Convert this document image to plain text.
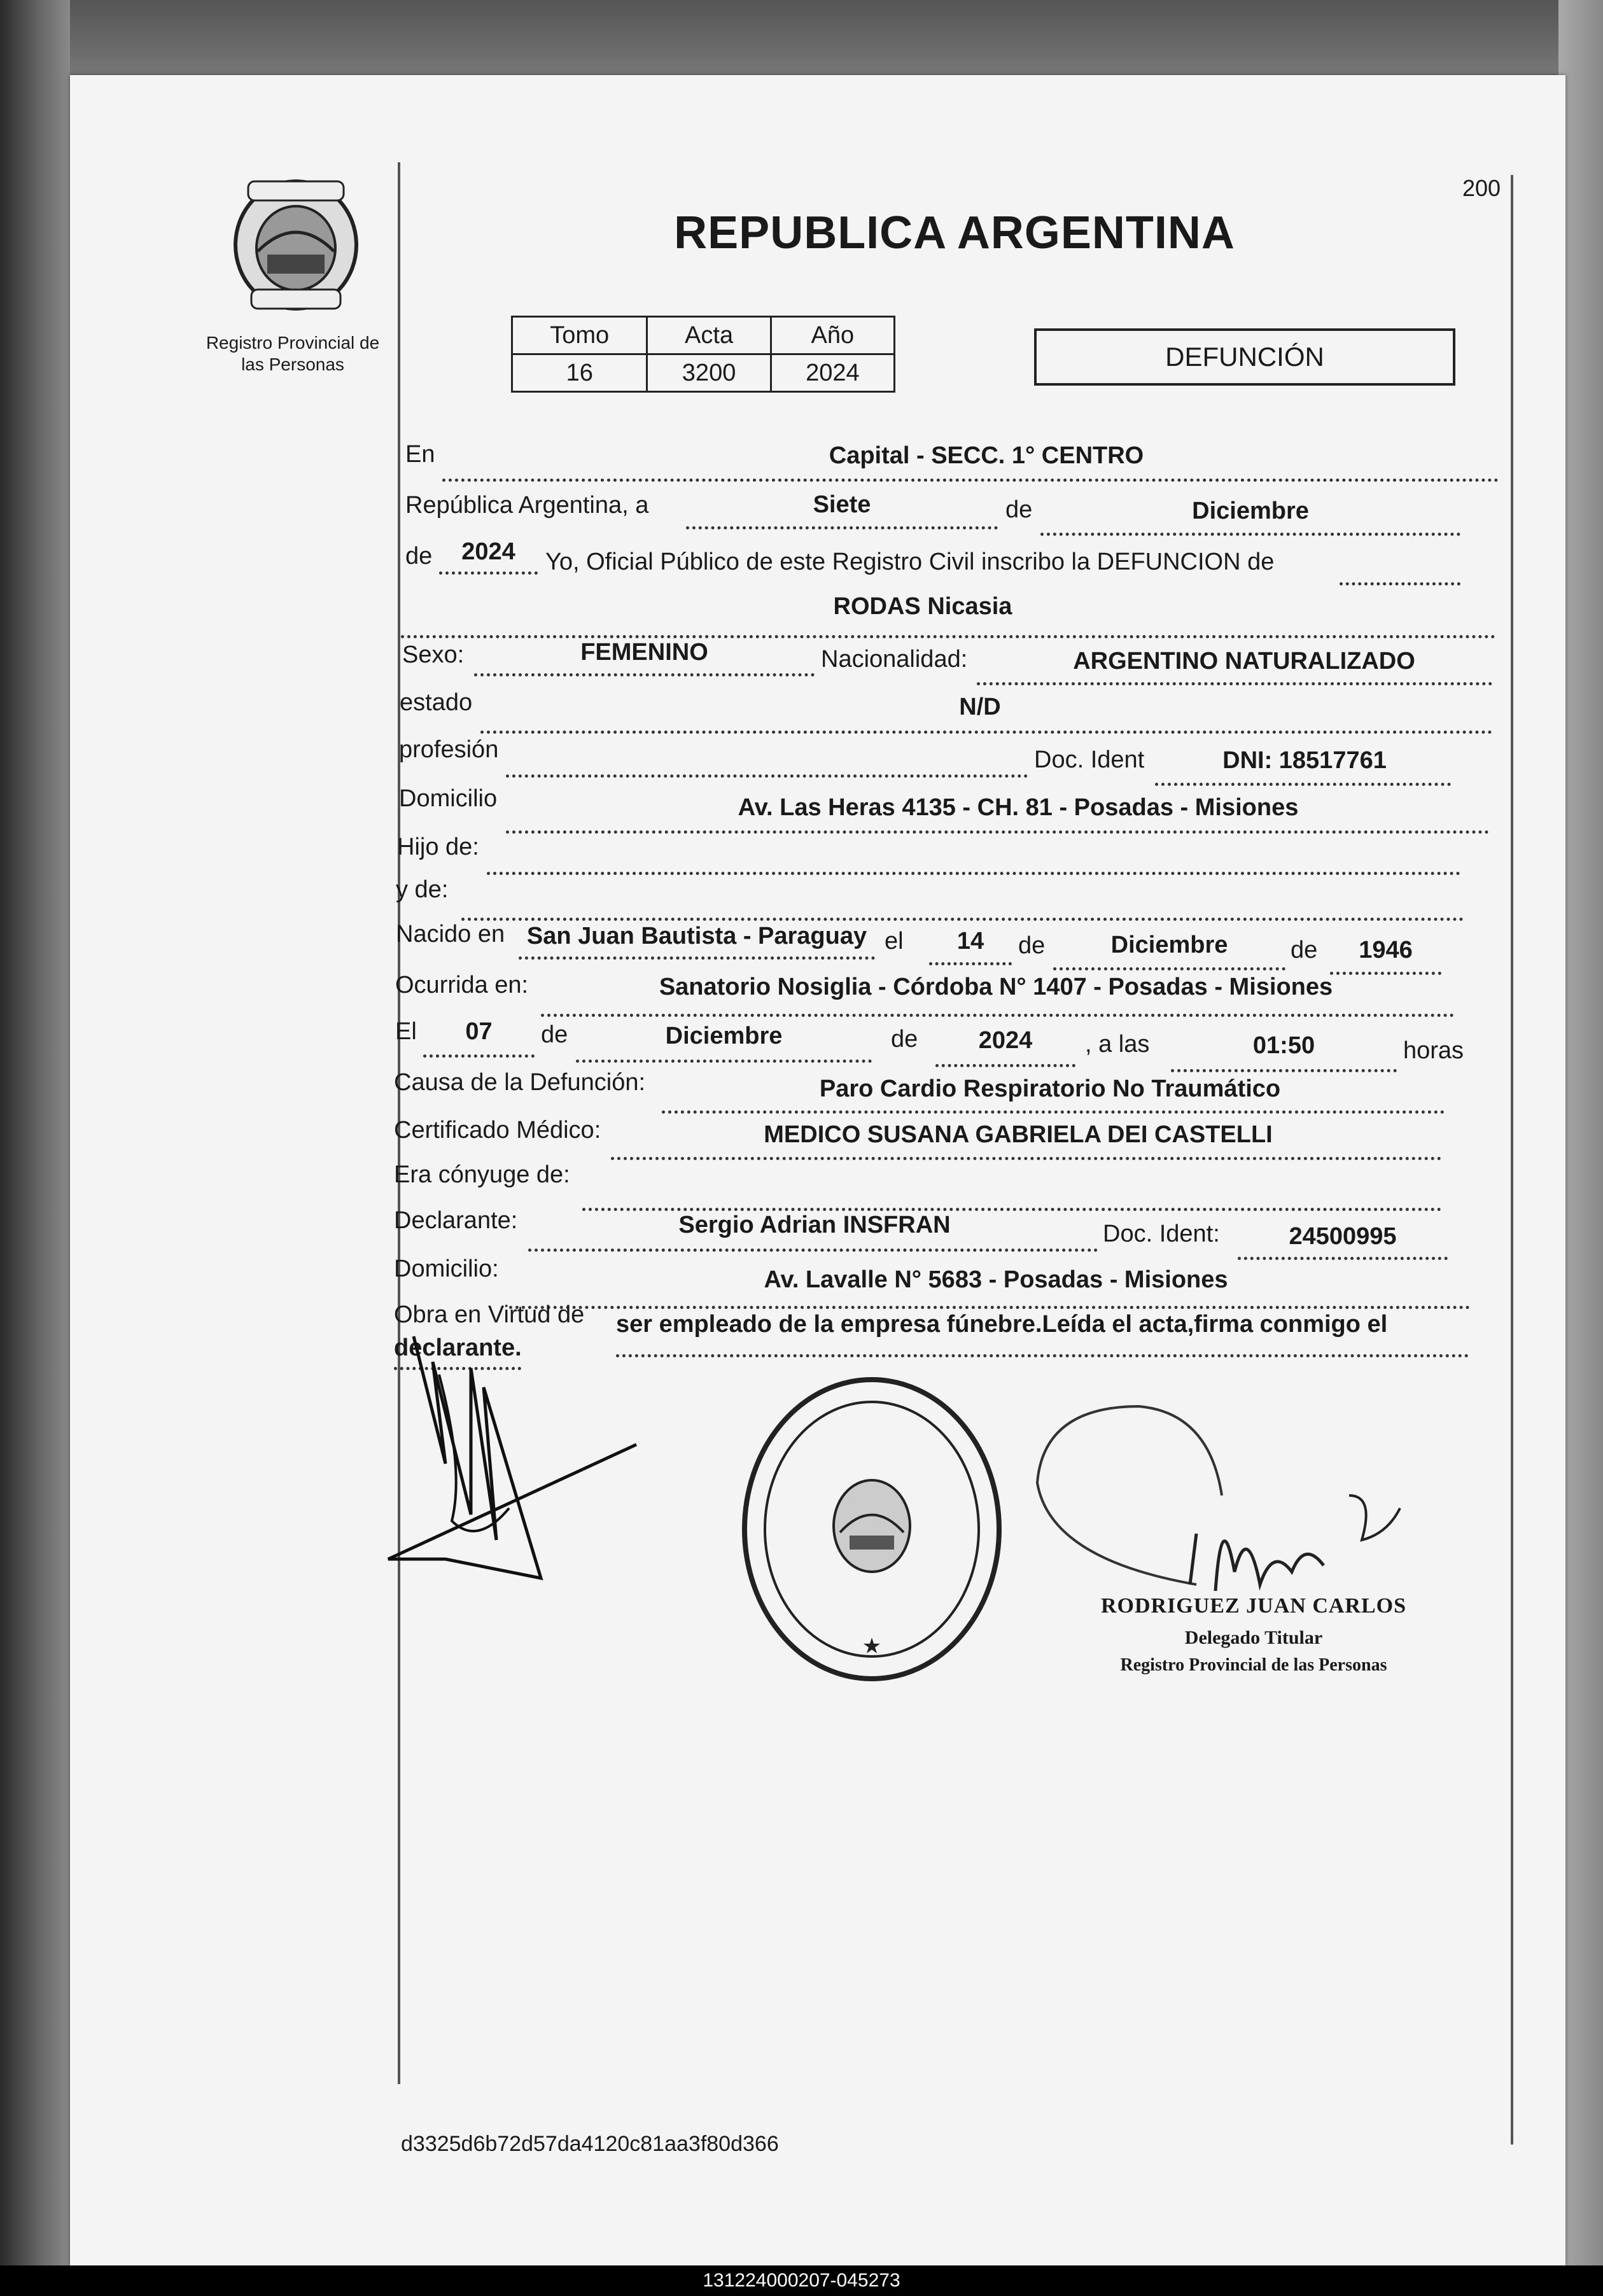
Registro Provincial de
las Personas
200
REPUBLICA ARGENTINA
Tomo	Acta	Año
16	3200	2024
DEFUNCIÓN
En	Capital - SECC. 1° CENTRO
República Argentina, a	Siete	de	Diciembre
de	2024	Yo, Oficial Público de este Registro Civil inscribo la DEFUNCION de
RODAS Nicasia
Sexo:	FEMENINO	Nacionalidad:	ARGENTINO NATURALIZADO
estado	N/D
profesión	Doc. Ident	DNI: 18517761
Domicilio	Av. Las Heras 4135 - CH. 81 - Posadas - Misiones
Hijo de:
y de:
Nacido en San Juan Bautista - Paraguay el	14	de	Diciembre	de	1946
Ocurrida en:	Sanatorio Nosiglia - Córdoba N° 1407 - Posadas - Misiones
El	07	de	Diciembre	de	2024	, a las	01:50	horas
Causa de la Defunción:	Paro Cardio Respiratorio No Traumático
Certificado Médico:	MEDICO SUSANA GABRIELA DEI CASTELLI
Era cónyuge de:
Declarante:	Sergio Adrian INSFRAN	Doc. Ident:	24500995
Domicilio:	Av. Lavalle N° 5683 - Posadas - Misiones
Obra en Virtud de ser empleado de la empresa fúnebre.Leída el acta,firma conmigo el
declarante.
★
RODRIGUEZ JUAN CARLOS
Delegado Titular
Registro Provincial de las Personas
d3325d6b72d57da4120c81aa3f80d366
131224000207-045273
